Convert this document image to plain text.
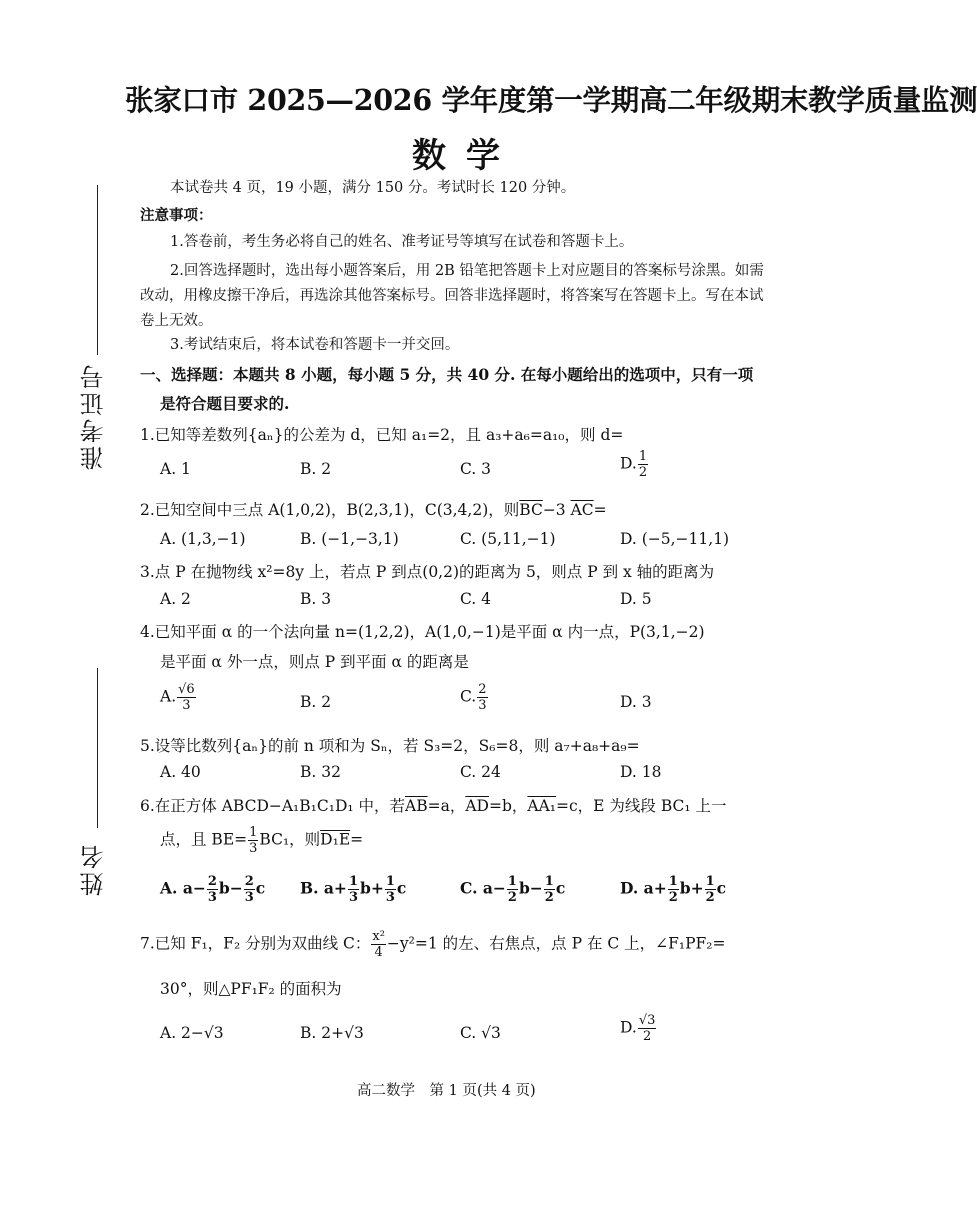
张家口市 2025—2026 学年度第一学期高二年级期末教学质量监测
数学
准考证号
姓名
本试卷共 4 页，19 小题，满分 150 分。考试时长 120 分钟。
注意事项：
1.答卷前，考生务必将自己的姓名、准考证号等填写在试卷和答题卡上。
2.回答选择题时，选出每小题答案后，用 2B 铅笔把答题卡上对应题目的答案标号涂黑。如需
改动，用橡皮擦干净后，再选涂其他答案标号。回答非选择题时，将答案写在答题卡上。写在本试
卷上无效。
3.考试结束后，将本试卷和答题卡一并交回。
一、选择题：本题共 8 小题，每小题 5 分，共 40 分. 在每小题给出的选项中，只有一项
是符合题目要求的.
1.已知等差数列{aₙ}的公差为 d，已知 a₁=2，且 a₃+a₆=a₁₀，则 d=
A. 1	B. 2	C. 3	D. $\frac{1}{2}$
2.已知空间中三点 A(1,0,2)，B(2,3,1)，C(3,4,2)，则$\overline{BC}-3$ $\overline{AC}=$
A. (1,3,−1)	B. (−1,−3,1)	C. (5,11,−1)	D. (−5,−11,1)
3.点 P 在抛物线 x²=8y 上，若点 P 到点(0,2)的距离为 5，则点 P 到 x 轴的距离为
A. 2	B. 3	C. 4	D. 5
4.已知平面 α 的一个法向量 n=(1,2,2)，A(1,0,−1)是平面 α 内一点，P(3,1,−2)
是平面 α 外一点，则点 P 到平面 α 的距离是
A. $\frac{√6}{3}$	B. 2	C. $\frac{2}{3}$	D. 3
5.设等比数列{aₙ}的前 n 项和为 Sₙ，若 S₃=2，S₆=8，则 a₇+a₈+a₉=
A. 40	B. 32	C. 24	D. 18
6.在正方体 ABCD−A₁B₁C₁D₁ 中，若$\overline{AB}=a$，$\overline{AD}=b$，AA₁=c，E 为线段 BC₁ 上一
点，且 $BE= \frac{1}{3} BC_1$，则D₁E=
A. $a- \frac{2}{3} b- \frac{2}{3}$ c B. $a+ \frac{1}{3} b+ \frac{1}{3}$ c	C. $a- \frac{1}{2} b- \frac{1}{2}$ c	D. $a+ \frac{1}{2} b+ \frac{1}{2}$ c
7.已知 F₁，F₂ 分别为双曲线 C： $\frac{\text{x²}}{4} -y^2=1$ 的左、右焦点，点 P 在 C 上，∠F₁PF₂=
30°，则△PF₁F₂ 的面积为
A. 2−√3	B. 2+√3	C. √3	D. $\frac{√3}{2}$
高二数学　第 1 页(共 4 页)
